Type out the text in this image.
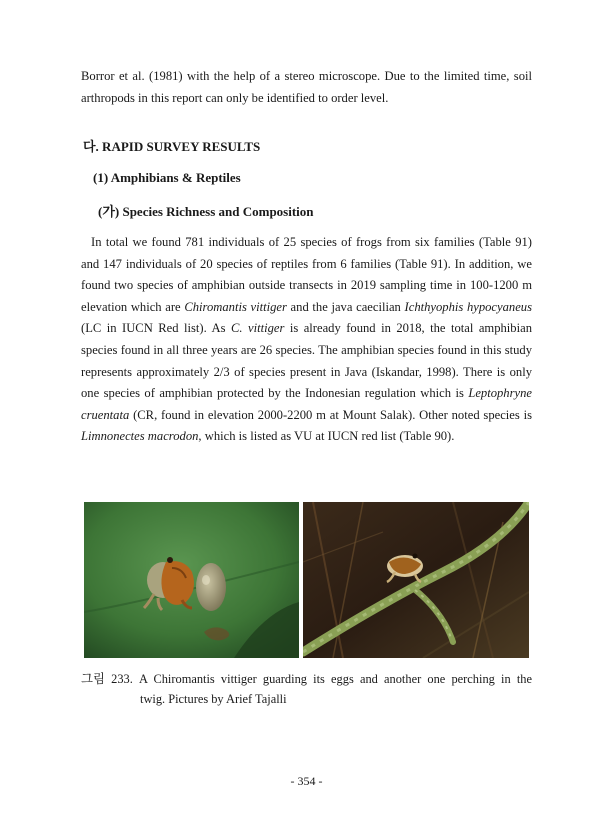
Borror et al. (1981) with the help of a stereo microscope. Due to the limited time, soil arthropods in this report can only be identified to order level.

다. RAPID SURVEY RESULTS

(1) Amphibians & Reptiles

(가) Species Richness and Composition

In total we found 781 individuals of 25 species of frogs from six families (Table 91) and 147 individuals of 20 species of reptiles from 6 families (Table 91). In addition, we found two species of amphibian outside transects in 2019 sampling time in 100-1200 m elevation which are Chiromantis vittiger and the java caecilian Ichthyophis hypocyaneus (LC in IUCN Red list). As C. vittiger is already found in 2018, the total amphibian species found in all three years are 26 species. The amphibian species found in this study represents approximately 2/3 of species present in Java (Iskandar, 1998). There is only one species of amphibian protected by the Indonesian regulation which is Leptophryne cruentata (CR, found in elevation 2000-2200 m at Mount Salak). Other noted species is Limnonectes macrodon, which is listed as VU at IUCN red list (Table 90).

그림 233. A Chiromantis vittiger guarding its eggs and another one perching in the
twig. Pictures by Arief Tajalli

- 354 -
